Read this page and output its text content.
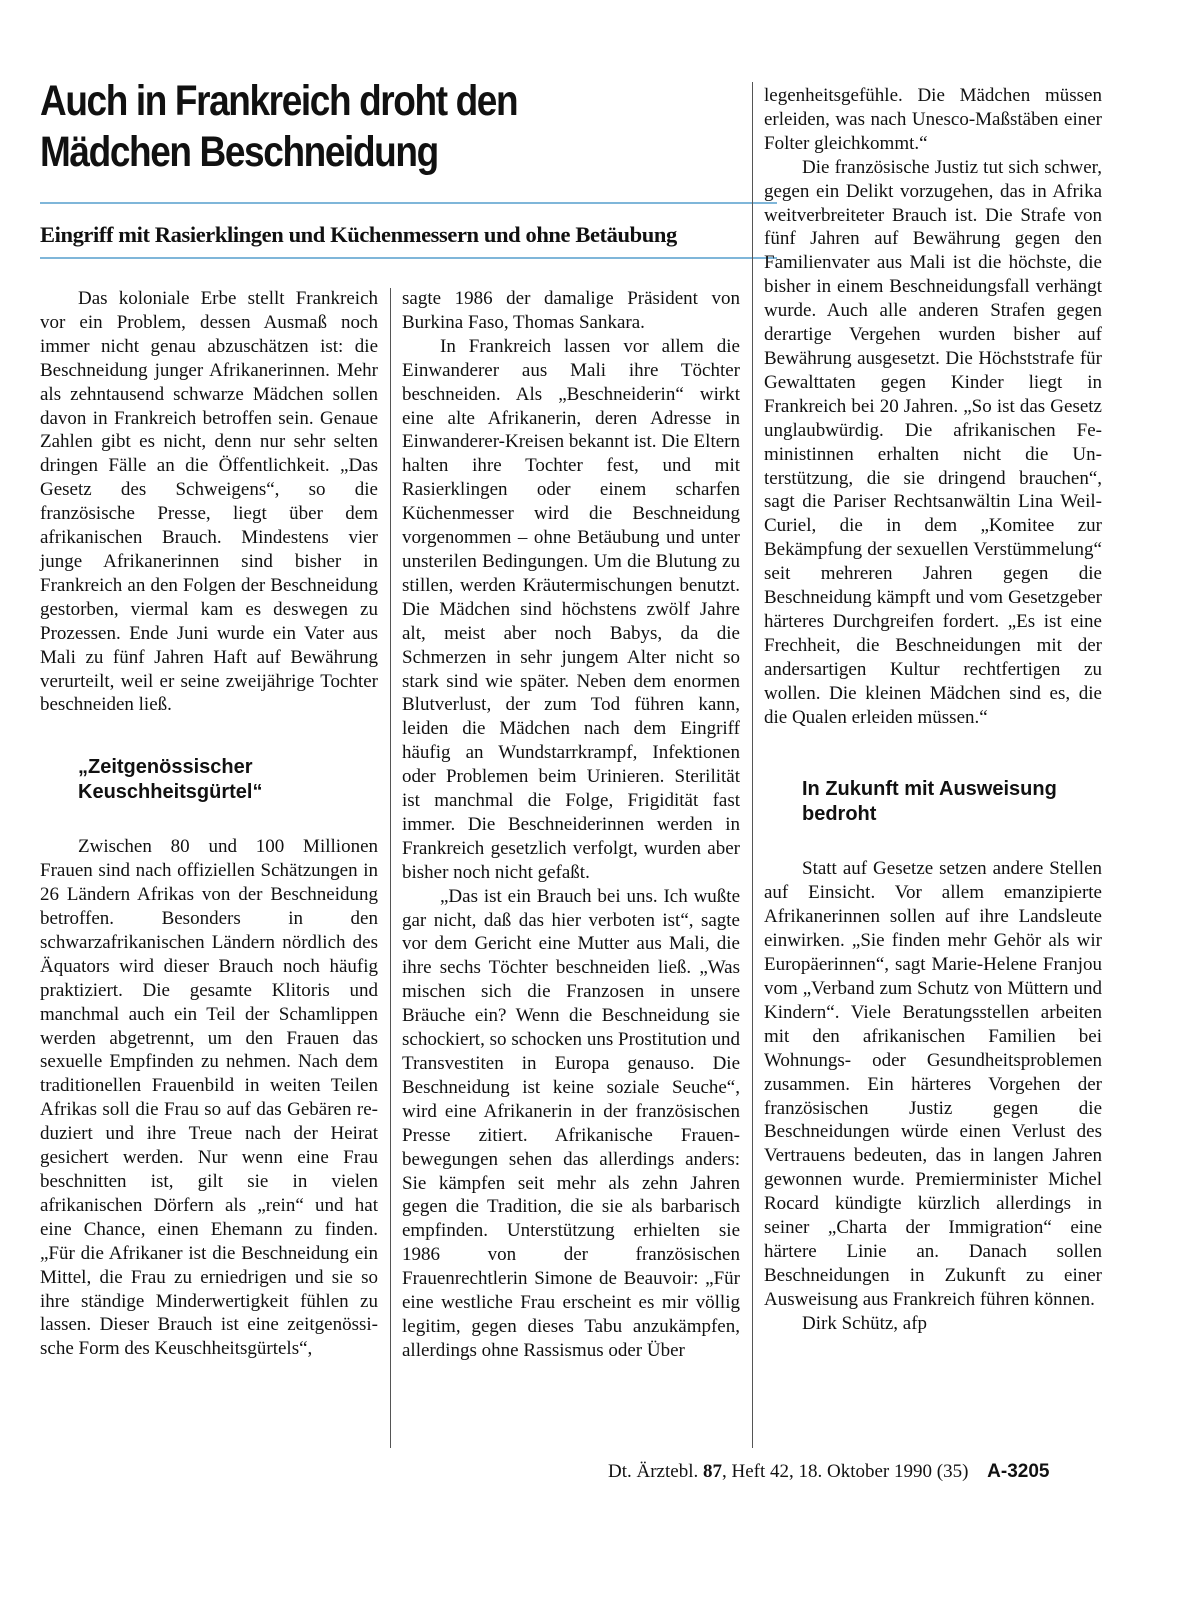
Auch in Frankreich droht den Mädchen Beschneidung
Eingriff mit Rasierklingen und Küchenmessern und ohne Betäubung

Das koloniale Erbe stellt Frankreich vor ein Problem, dessen Ausmaß noch immer nicht genau abzuschätzen ist: die Beschneidung junger Afrikanerinnen. Mehr als zehntausend schwarze Mädchen sollen davon in Frankreich betroffen sein. Genaue Zahlen gibt es nicht, denn nur sehr selten dringen Fälle an die Öffentlichkeit. „Das Gesetz des Schweigens“, so die französische Presse, liegt über dem afrikanischen Brauch. Mindestens vier junge Afrikanerinnen sind bisher in Frankreich an den Folgen der Beschneidung gestorben, viermal kam es deswegen zu Prozessen. Ende Juni wurde ein Vater aus Mali zu fünf Jahren Haft auf Bewährung verurteilt, weil er seine zweijährige Tochter beschneiden ließ.

„Zeitgenössischer Keuschheitsgürtel“

Zwischen 80 und 100 Millionen Frauen sind nach offiziellen Schätzungen in 26 Ländern Afrikas von der Beschneidung betroffen. Besonders in den schwarzafrikanischen Ländern nördlich des Äquators wird dieser Brauch noch häufig praktiziert. Die gesamte Klitoris und manchmal auch ein Teil der Schamlippen werden abgetrennt, um den Frauen das sexuelle Empfinden zu nehmen. Nach dem traditionellen Frauenbild in weiten Teilen Afrikas soll die Frau so auf das Gebären reduziert und ihre Treue nach der Heirat gesichert werden. Nur wenn eine Frau beschnitten ist, gilt sie in vielen afrikanischen Dörfern als „rein“ und hat eine Chance, einen Ehemann zu finden. „Für die Afrikaner ist die Beschneidung ein Mittel, die Frau zu erniedrigen und sie so ihre ständige Minderwertigkeit fühlen zu lassen. Dieser Brauch ist eine zeitgenössische Form des Keuschheitsgürtels“,

sagte 1986 der damalige Präsident von Burkina Faso, Thomas Sankara.

In Frankreich lassen vor allem die Einwanderer aus Mali ihre Töchter beschneiden. Als „Beschneiderin“ wirkt eine alte Afrikanerin, deren Adresse in Einwanderer-Kreisen bekannt ist. Die Eltern halten ihre Tochter fest, und mit Rasierklingen oder einem scharfen Küchenmesser wird die Beschneidung vorgenommen – ohne Betäubung und unter unsterilen Bedingungen. Um die Blutung zu stillen, werden Kräutermischungen benutzt. Die Mädchen sind höchstens zwölf Jahre alt, meist aber noch Babys, da die Schmerzen in sehr jungem Alter nicht so stark sind wie später. Neben dem enormen Blutverlust, der zum Tod führen kann, leiden die Mädchen nach dem Eingriff häufig an Wundstarrkrampf, Infektionen oder Problemen beim Urinieren. Sterilität ist manchmal die Folge, Frigidität fast immer. Die Beschneiderinnen werden in Frankreich gesetzlich verfolgt, wurden aber bisher noch nicht gefaßt.

„Das ist ein Brauch bei uns. Ich wußte gar nicht, daß das hier verboten ist“, sagte vor dem Gericht eine Mutter aus Mali, die ihre sechs Töchter beschneiden ließ. „Was mischen sich die Franzosen in unsere Bräuche ein? Wenn die Beschneidung sie schockiert, so schocken uns Prostitution und Transvestiten in Europa genauso. Die Beschneidung ist keine soziale Seuche“, wird eine Afrikanerin in der französischen Presse zitiert. Afrikanische Frauenbewegungen sehen das allerdings anders: Sie kämpfen seit mehr als zehn Jahren gegen die Tradition, die sie als barbarisch empfinden. Unterstützung erhielten sie 1986 von der französischen Frauenrechtlerin Simone de Beauvoir: „Für eine westliche Frau erscheint es mir völlig legitim, gegen dieses Tabu anzukämpfen, allerdings ohne Rassismus oder Über

legenheitsgefühle. Die Mädchen müssen erleiden, was nach Unesco-Maßstäben einer Folter gleichkommt.“

Die französische Justiz tut sich schwer, gegen ein Delikt vorzugehen, das in Afrika weitverbreiteter Brauch ist. Die Strafe von fünf Jahren auf Bewährung gegen den Familienvater aus Mali ist die höchste, die bisher in einem Beschneidungsfall verhängt wurde. Auch alle anderen Strafen gegen derartige Vergehen wurden bisher auf Bewährung ausgesetzt. Die Höchststrafe für Gewalttaten gegen Kinder liegt in Frankreich bei 20 Jahren. „So ist das Gesetz unglaubwürdig. Die afrikanischen Feministinnen erhalten nicht die Unterstützung, die sie dringend brauchen“, sagt die Pariser Rechtsanwältin Lina Weil-Curiel, die in dem „Komitee zur Bekämpfung der sexuellen Verstümmelung“ seit mehreren Jahren gegen die Beschneidung kämpft und vom Gesetzgeber härteres Durchgreifen fordert. „Es ist eine Frechheit, die Beschneidungen mit der andersartigen Kultur rechtfertigen zu wollen. Die kleinen Mädchen sind es, die die Qualen erleiden müssen.“

In Zukunft mit Ausweisung bedroht

Statt auf Gesetze setzen andere Stellen auf Einsicht. Vor allem emanzipierte Afrikanerinnen sollen auf ihre Landsleute einwirken. „Sie finden mehr Gehör als wir Europäerinnen“, sagt Marie-Helene Franjou vom „Verband zum Schutz von Müttern und Kindern“. Viele Beratungsstellen arbeiten mit den afrikanischen Familien bei Wohnungs- oder Gesundheitsproblemen zusammen. Ein härteres Vorgehen der französischen Justiz gegen die Beschneidungen würde einen Verlust des Vertrauens bedeuten, das in langen Jahren gewonnen wurde. Premierminister Michel Rocard kündigte kürzlich allerdings in seiner „Charta der Immigration“ eine härtere Linie an. Danach sollen Beschneidungen in Zukunft zu einer Ausweisung aus Frankreich führen können.

Dirk Schütz, afp

Dt. Ärztebl. 87, Heft 42, 18. Oktober 1990 (35) A-3205
